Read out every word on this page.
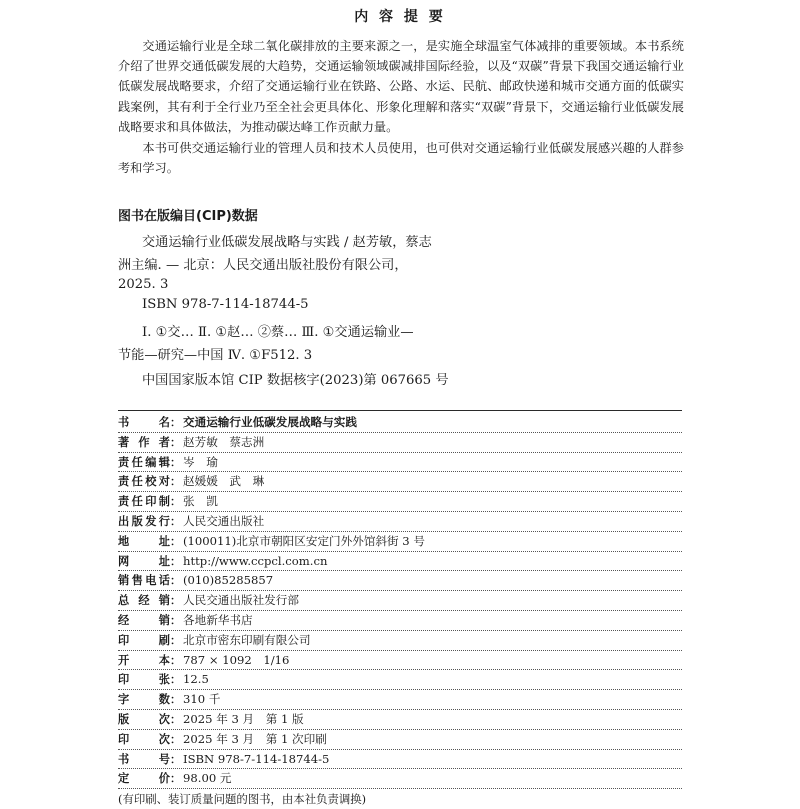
内 容 提 要

交通运输行业是全球二氧化碳排放的主要来源之一，是实施全球温室气体减排的重要领域。本书系统介绍了世界交通低碳发展的大趋势，交通运输领域碳减排国际经验，以及“双碳”背景下我国交通运输行业低碳发展战略要求，介绍了交通运输行业在铁路、公路、水运、民航、邮政快递和城市交通方面的低碳实践案例，其有利于全行业乃至全社会更具体化、形象化理解和落实“双碳”背景下，交通运输行业低碳发展战略要求和具体做法，为推动碳达峰工作贡献力量。

本书可供交通运输行业的管理人员和技术人员使用，也可供对交通运输行业低碳发展感兴趣的人群参考和学习。

图书在版编目(CIP)数据
交通运输行业低碳发展战略与实践 / 赵芳敏，蔡志
洲主编. — 北京：人民交通出版社股份有限公司，
2025. 3
ISBN 978-7-114-18744-5
Ⅰ. ①交… Ⅱ. ①赵… ②蔡… Ⅲ. ①交通运输业—
节能—研究—中国 Ⅳ. ①F512. 3
中国国家版本馆 CIP 数据核字(2023)第 067665 号
书　　名： 交通运输行业低碳发展战略与实践
著 作 者： 赵芳敏　蔡志洲
责任编辑： 岑　瑜
责任校对： 赵媛媛　武　琳
责任印制： 张　凯
出版发行： 人民交通出版社
地　　址： (100011)北京市朝阳区安定门外外馆斜街 3 号
网　　址： http://www.ccpcl.com.cn
销售电话： (010)85285857
总 经 销： 人民交通出版社发行部
经　　销： 各地新华书店
印　　刷： 北京市密东印刷有限公司
开　　本： 787 × 1092　1/16
印　　张： 12.5
字　　数： 310 千
版　　次： 2025 年 3 月　第 1 版
印　　次： 2025 年 3 月　第 1 次印刷
书　　号： ISBN 978-7-114-18744-5
定　　价： 98.00 元
(有印刷、装订质量问题的图书，由本社负责调换)
